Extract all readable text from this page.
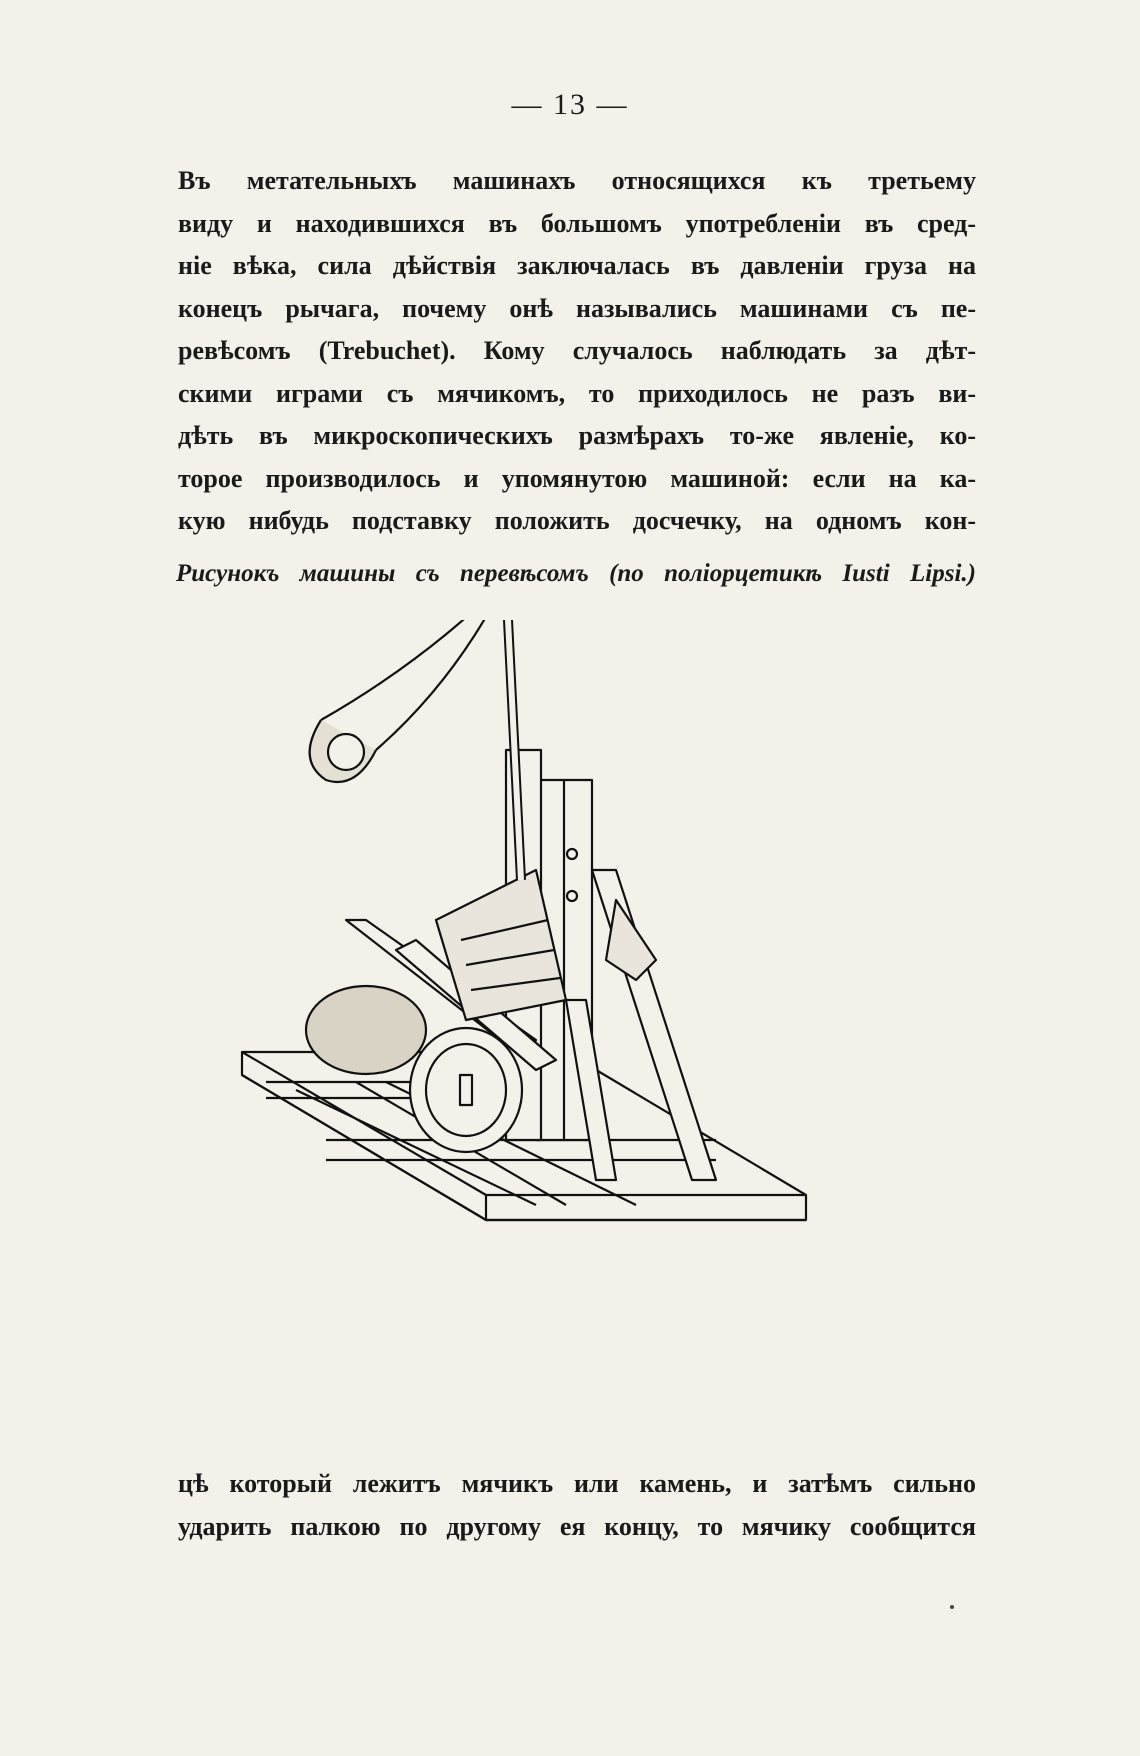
— 13 —
Въ метательныхъ машинахъ относящихся къ третьему
виду и находившихся въ большомъ употребленіи въ сред-
ніе вѣка, сила дѣйствія заключалась въ давленіи груза на
конецъ рычага, почему онѣ назывались машинами съ пе-
ревѣсомъ (Trebuchet). Кому случалось наблюдать за дѣт-
скими играми съ мячикомъ, то приходилось не разъ ви-
дѣть въ микроскопическихъ размѣрахъ то-же явленіе, ко-
торое производилось и упомянутою машиной: если на ка-
кую нибудь подставку положить досчечку, на одномъ кон-
Рисунокъ машины съ перевѣсомъ (по поліорцетикѣ Iusti Lipsi.)
цѣ который лежитъ мячикъ или камень, и затѣмъ сильно
ударить палкою по другому ея концу, то мячику сообщится
